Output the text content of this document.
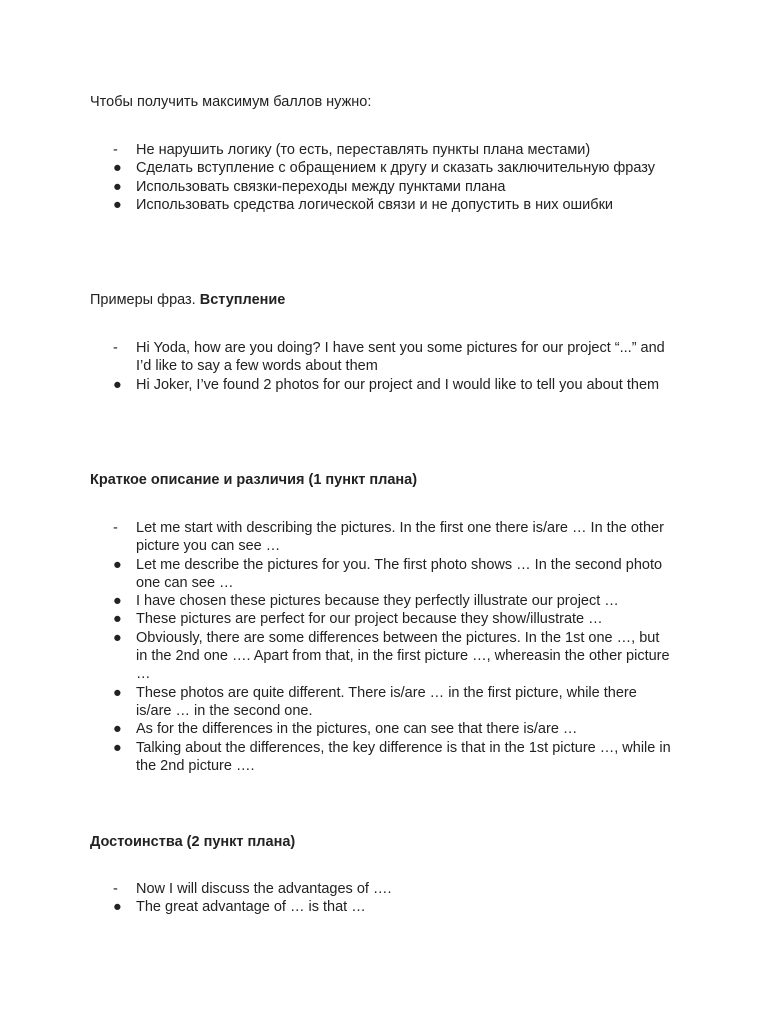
Чтобы получить максимум баллов нужно:

-	Не нарушить логику (то есть, переставлять пункты плана местами)
● Сделать вступление с обращением к другу и сказать заключительную фразу
● Использовать связки-переходы между пунктами плана
● Использовать средства логической связи и не допустить в них ошибки

Примеры фраз. Вступление

-	Hi Yoda, how are you doing? I have sent you some pictures for our project “...” and I’d like to say a few words about them
● Hi Joker, I’ve found 2 photos for our project and I would like to tell you about them

Краткое описание и различия (1 пункт плана)

-	Let me start with describing the pictures. In the first one there is/are … In the other picture you can see …
● Let me describe the pictures for you. The first photo shows … In the second photo one can see …
● I have chosen these pictures because they perfectly illustrate our project …
● These pictures are perfect for our project because they show/illustrate …
● Obviously, there are some differences between the pictures. In the 1st one …, but in the 2nd one …. Apart from that, in the first picture …, whereasin the other picture …
● These photos are quite different. There is/are … in the first picture, while there is/are … in the second one.
● As for the differences in the pictures, one can see that there is/are …
● Talking about the differences, the key difference is that in the 1st picture …, while in the 2nd picture ….

Достоинства (2 пункт плана)

-	Now I will discuss the advantages of ….
● The great advantage of … is that …
